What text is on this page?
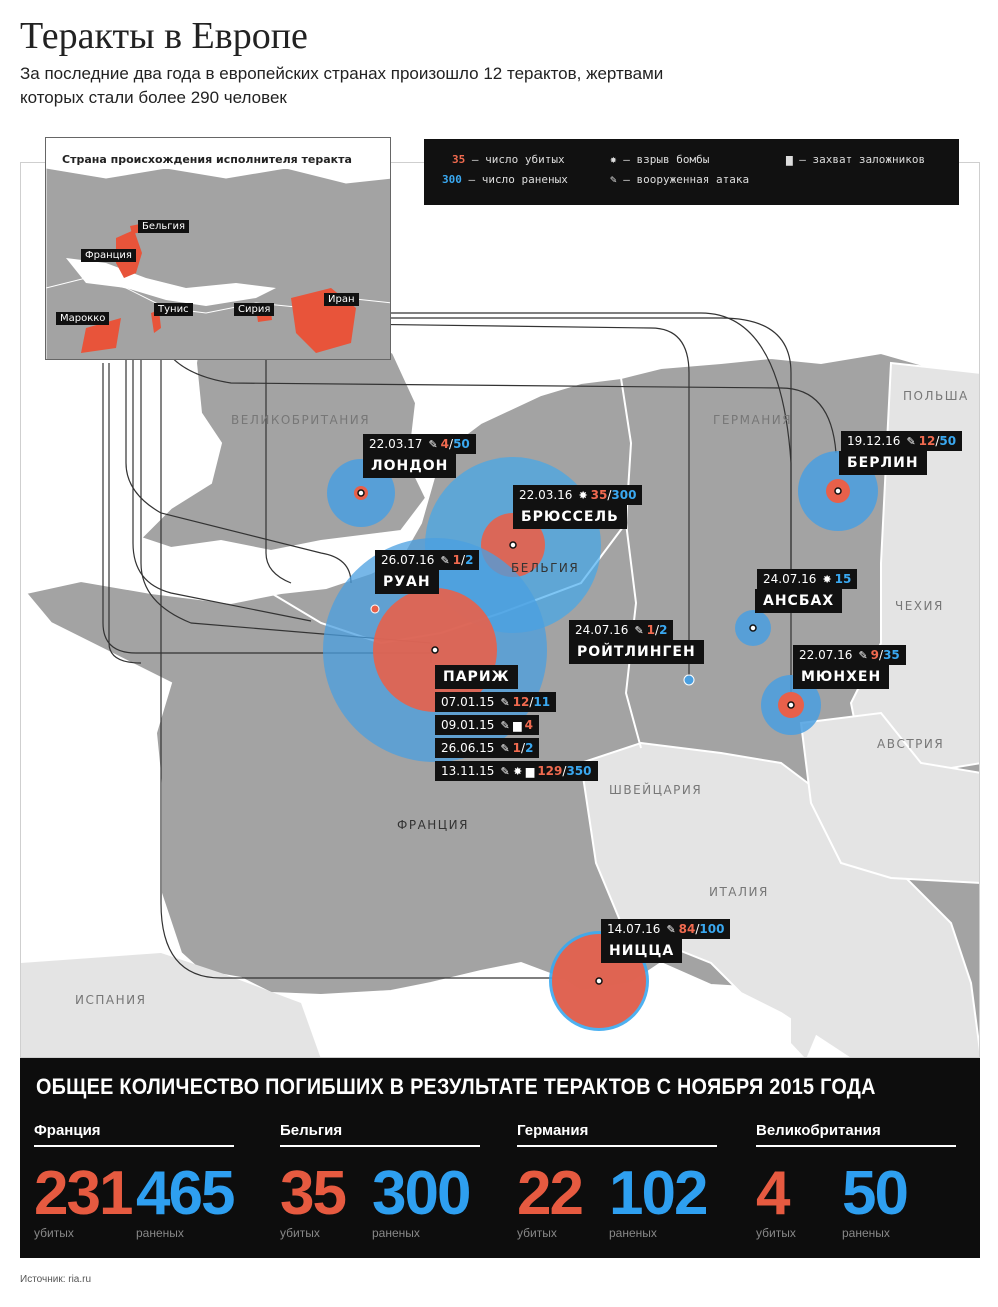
Теракты в Европе
За последние два года в европейских странах произошло 12 терактов, жертвами которых стали более 290 человек
ВЕЛИКОБРИТАНИЯ	ГЕРМАНИЯ
ПОЛЬША
ЧЕХИЯ
АВСТРИЯ
ШВЕЙЦАРИЯ
ИТАЛИЯ
ФРАНЦИЯ
ИСПАНИЯ
БЕЛЬГИЯ
22.03.17 ✎ 4/50
ЛОНДОН
22.03.16 ✸ 35/300
БРЮССЕЛЬ
26.07.16 ✎ 1/2
РУАН
24.07.16 ✎ 1/2
РОЙТЛИНГЕН
19.12.16 ✎ 12/50
БЕРЛИН
24.07.16 ✸ 15
АНСБАХ
22.07.16 ✎ 9/35
МЮНХЕН
14.07.16 ✎ 84/100
НИЦЦА
ПАРИЖ
07.01.15 ✎ 12/11
09.01.15 ✎ ▆ 4
26.06.15 ✎ 1/2
13.11.15 ✎ ✸ ▆ 129/350
35 – число убитых
300 – число раненых
✸ – взрыв бомбы
✎ – вооруженная атака
▆ – захват заложников
Страна происхождения исполнителя теракта
Бельгия
Франция
Марокко
Тунис	Сирия
Иран
ОБЩЕЕ КОЛИЧЕСТВО ПОГИБШИХ В РЕЗУЛЬТАТЕ ТЕРАКТОВ С НОЯБРЯ 2015 ГОДА
Франция
231 465
убитых	раненых
Бельгия
35 300
убитых	раненых
Германия
22 102
убитых	раненых
Великобритания
4 50
убитых	раненых
Источник: ria.ru
